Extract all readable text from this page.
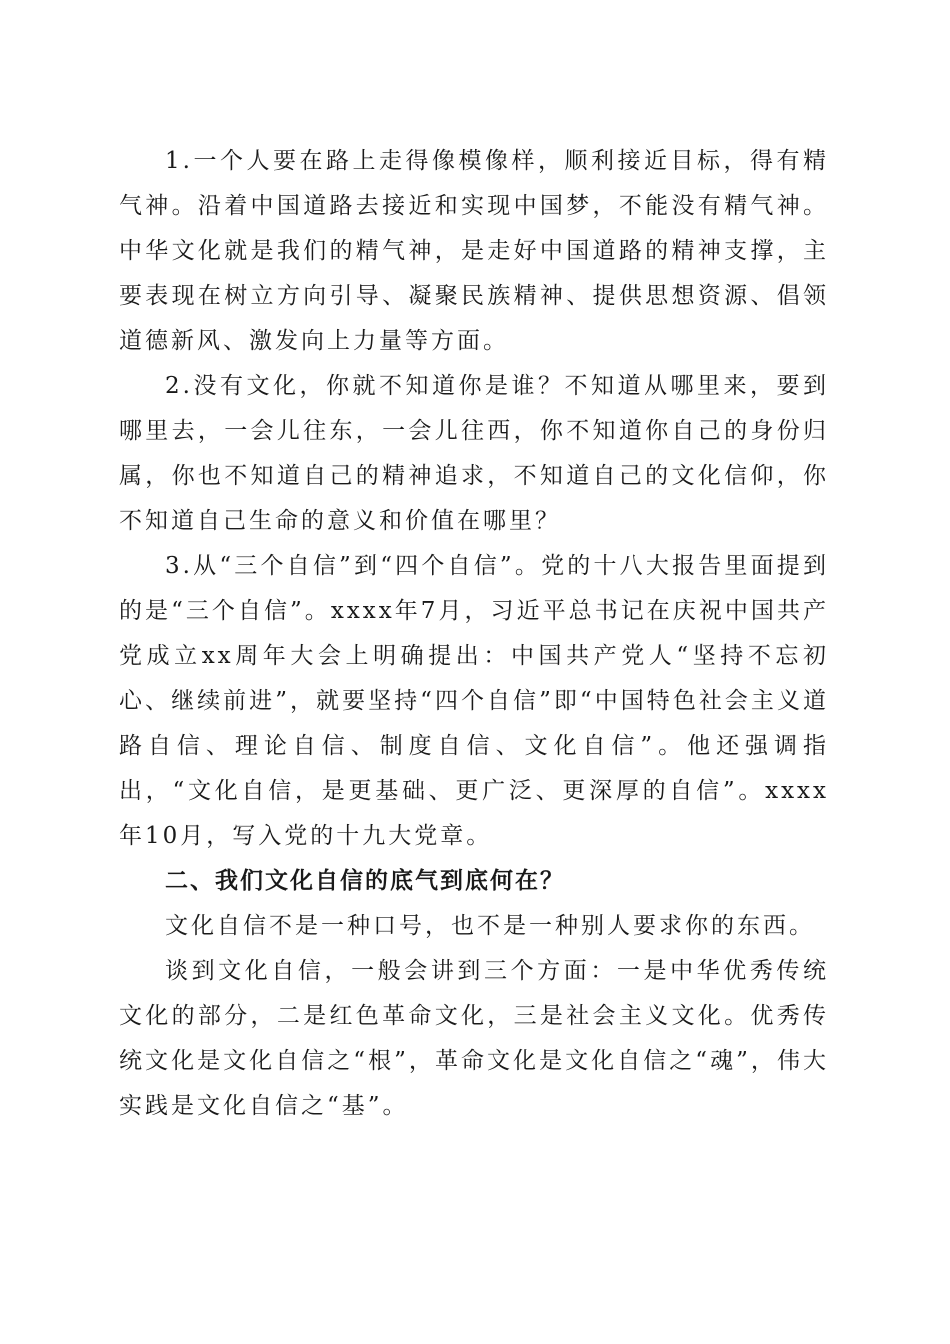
1.一个人要在路上走得像模像样，顺利接近目标，得有精气神。沿着中国道路去接近和实现中国梦，不能没有精气神。中华文化就是我们的精气神，是走好中国道路的精神支撑，主要表现在树立方向引导、凝聚民族精神、提供思想资源、倡领道德新风、激发向上力量等方面。

2.没有文化，你就不知道你是谁？不知道从哪里来，要到哪里去，一会儿往东，一会儿往西，你不知道你自己的身份归属，你也不知道自己的精神追求，不知道自己的文化信仰，你不知道自己生命的意义和价值在哪里？

3.从“三个自信”到“四个自信”。党的十八大报告里面提到的是“三个自信”。xxxx年7月，习近平总书记在庆祝中国共产党成立xx周年大会上明确提出：中国共产党人“坚持不忘初心、继续前进”，就要坚持“四个自信”即“中国特色社会主义道路自信、理论自信、制度自信、文化自信”。他还强调指出，“文化自信，是更基础、更广泛、更深厚的自信”。xxxx年10月，写入党的十九大党章。

二、我们文化自信的底气到底何在？

文化自信不是一种口号，也不是一种别人要求你的东西。

谈到文化自信，一般会讲到三个方面：一是中华优秀传统文化的部分，二是红色革命文化，三是社会主义文化。优秀传统文化是文化自信之“根”，革命文化是文化自信之“魂”，伟大实践是文化自信之“基”。
